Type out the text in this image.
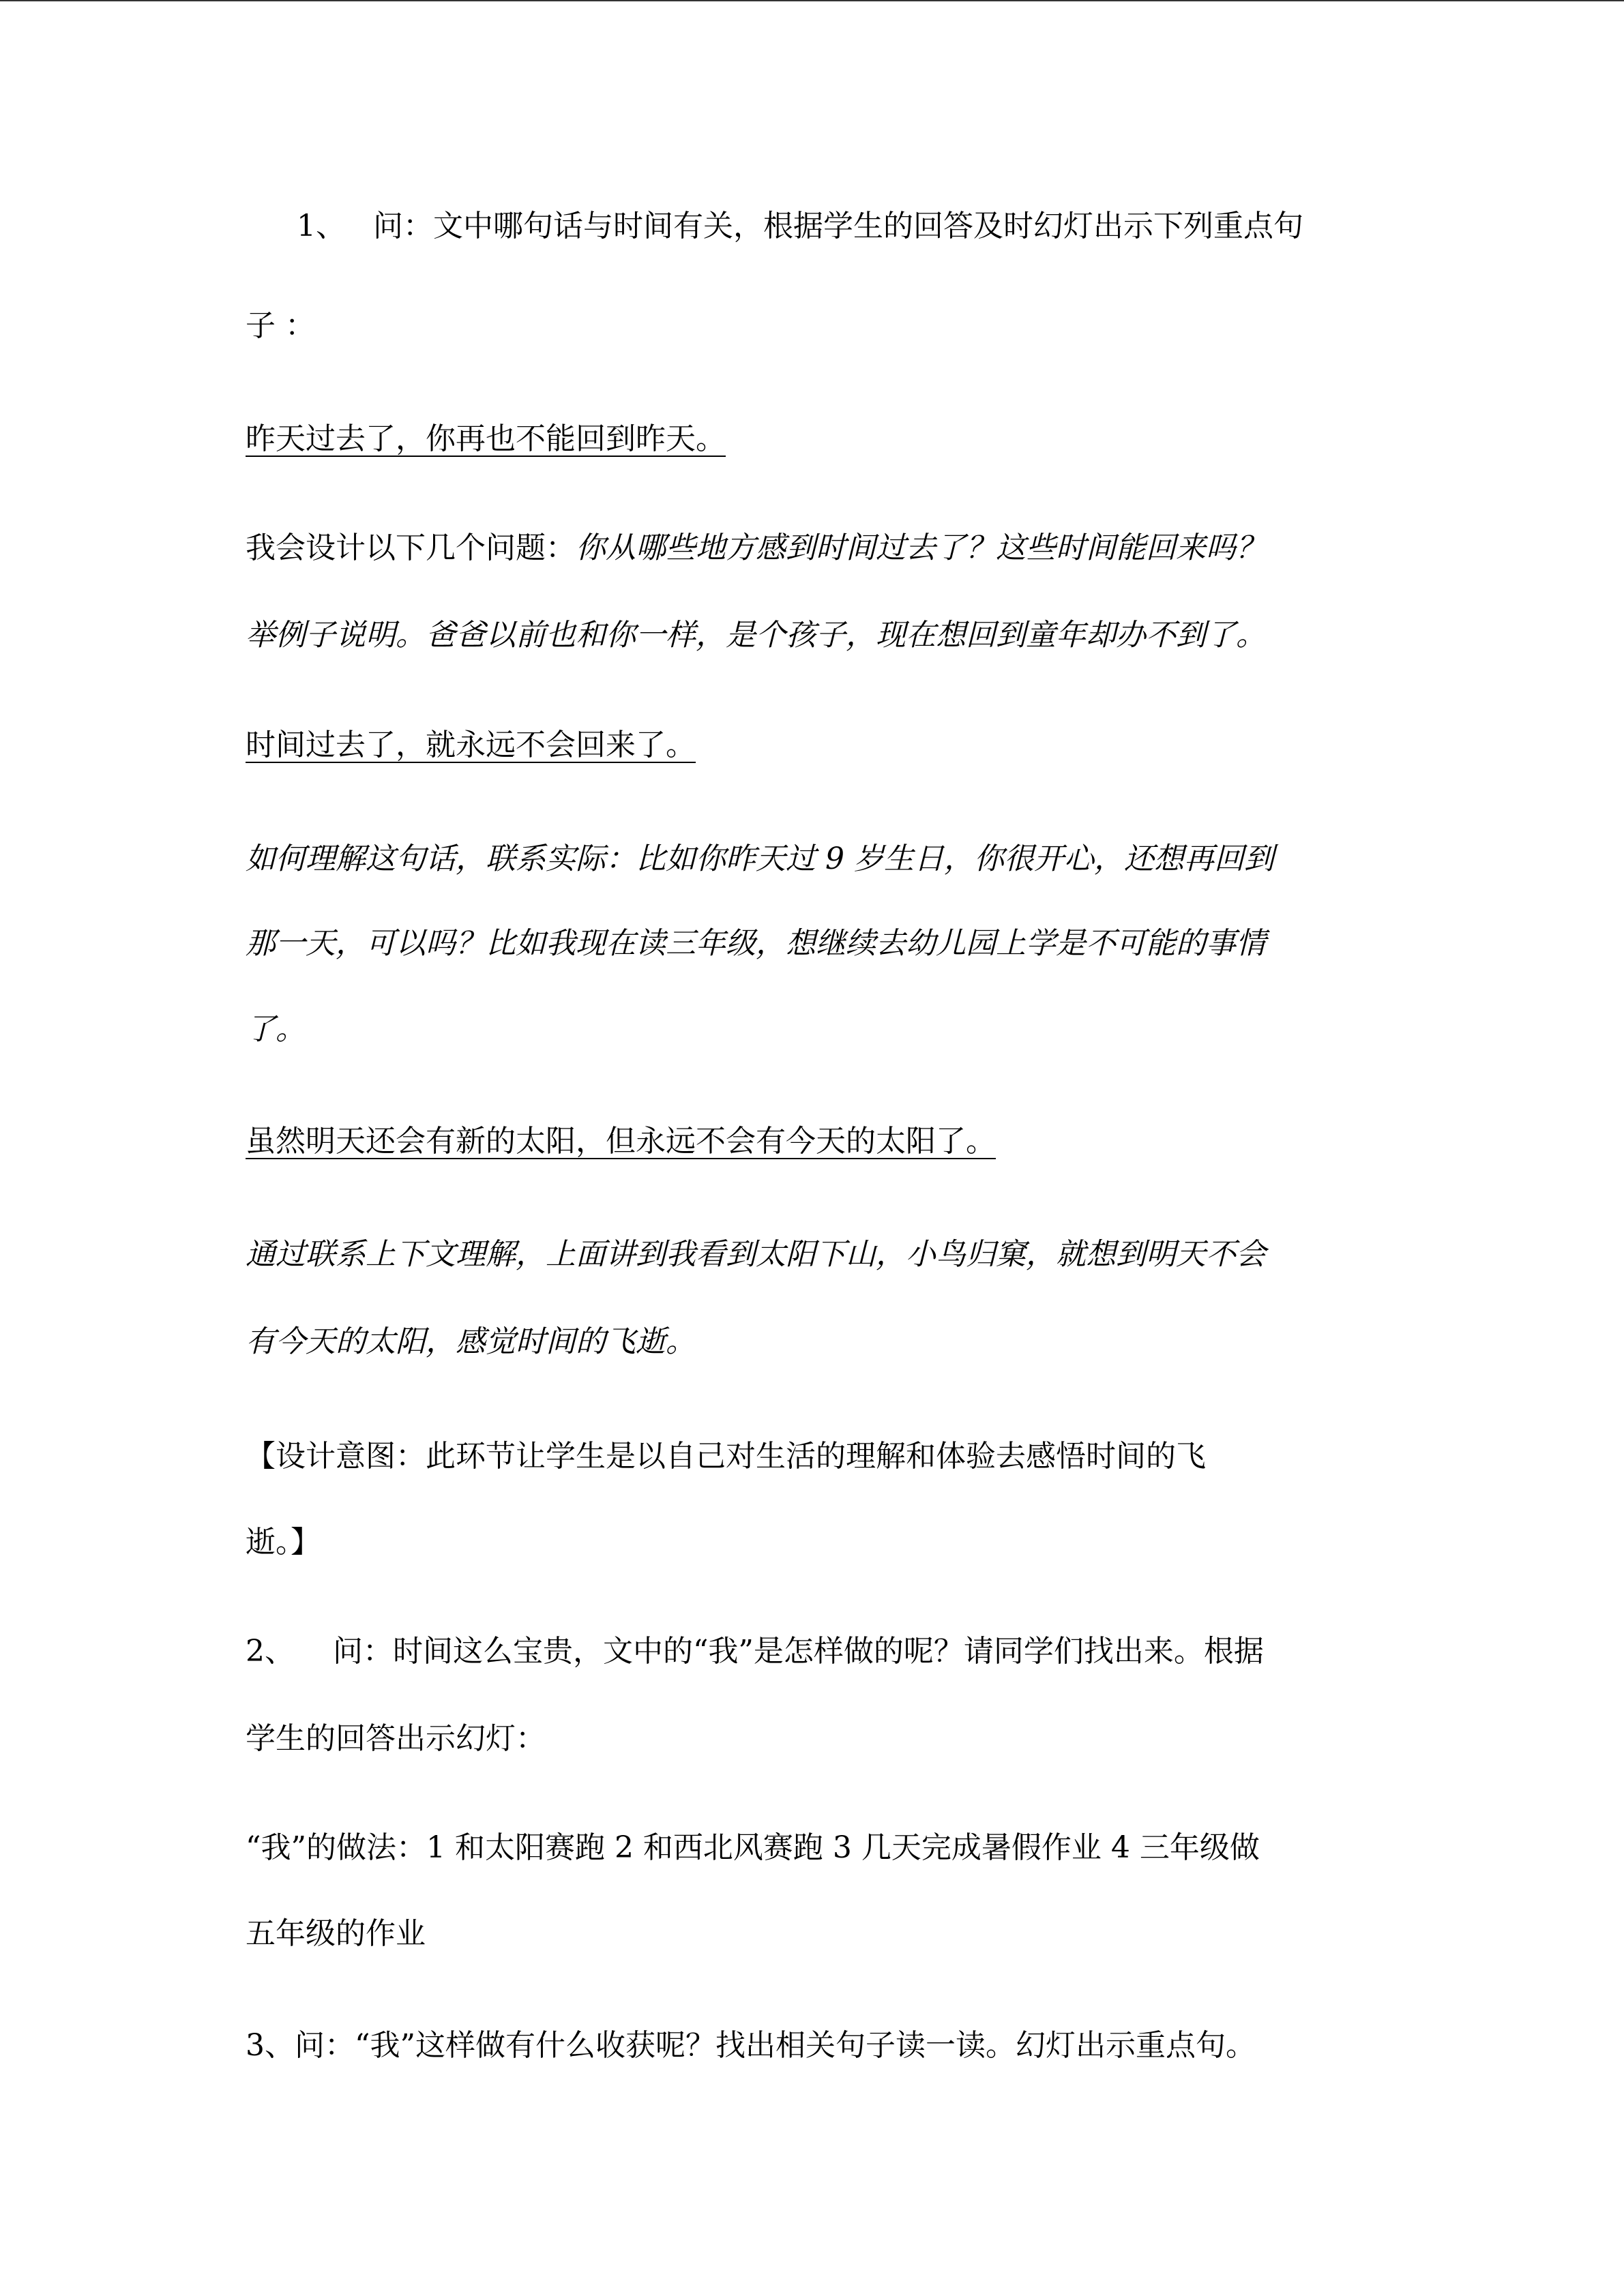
1、 问：文中哪句话与时间有关，根据学生的回答及时幻灯出示下列重点句
子 ：
昨天过去了，你再也不能回到昨天。
我会设计以下几个问题：你从哪些地方感到时间过去了？这些时间能回来吗？
举例子说明。爸爸以前也和你一样，是个孩子，现在想回到童年却办不到了。
时间过去了，就永远不会回来了。
如何理解这句话，联系实际：比如你昨天过 9 岁生日，你很开心，还想再回到
那一天，可以吗？比如我现在读三年级，想继续去幼儿园上学是不可能的事情
了。
虽然明天还会有新的太阳，但永远不会有今天的太阳了。
通过联系上下文理解，上面讲到我看到太阳下山，小鸟归窠，就想到明天不会
有今天的太阳，感觉时间的飞逝。
【设计意图：此环节让学生是以自己对生活的理解和体验去感悟时间的飞
逝。】
2、    问：时间这么宝贵，文中的“我”是怎样做的呢？请同学们找出来。根据
学生的回答出示幻灯：
“我”的做法：1 和太阳赛跑 2 和西北风赛跑 3 几天完成暑假作业 4 三年级做
五年级的作业
3、问：“我”这样做有什么收获呢？找出相关句子读一读。幻灯出示重点句。
